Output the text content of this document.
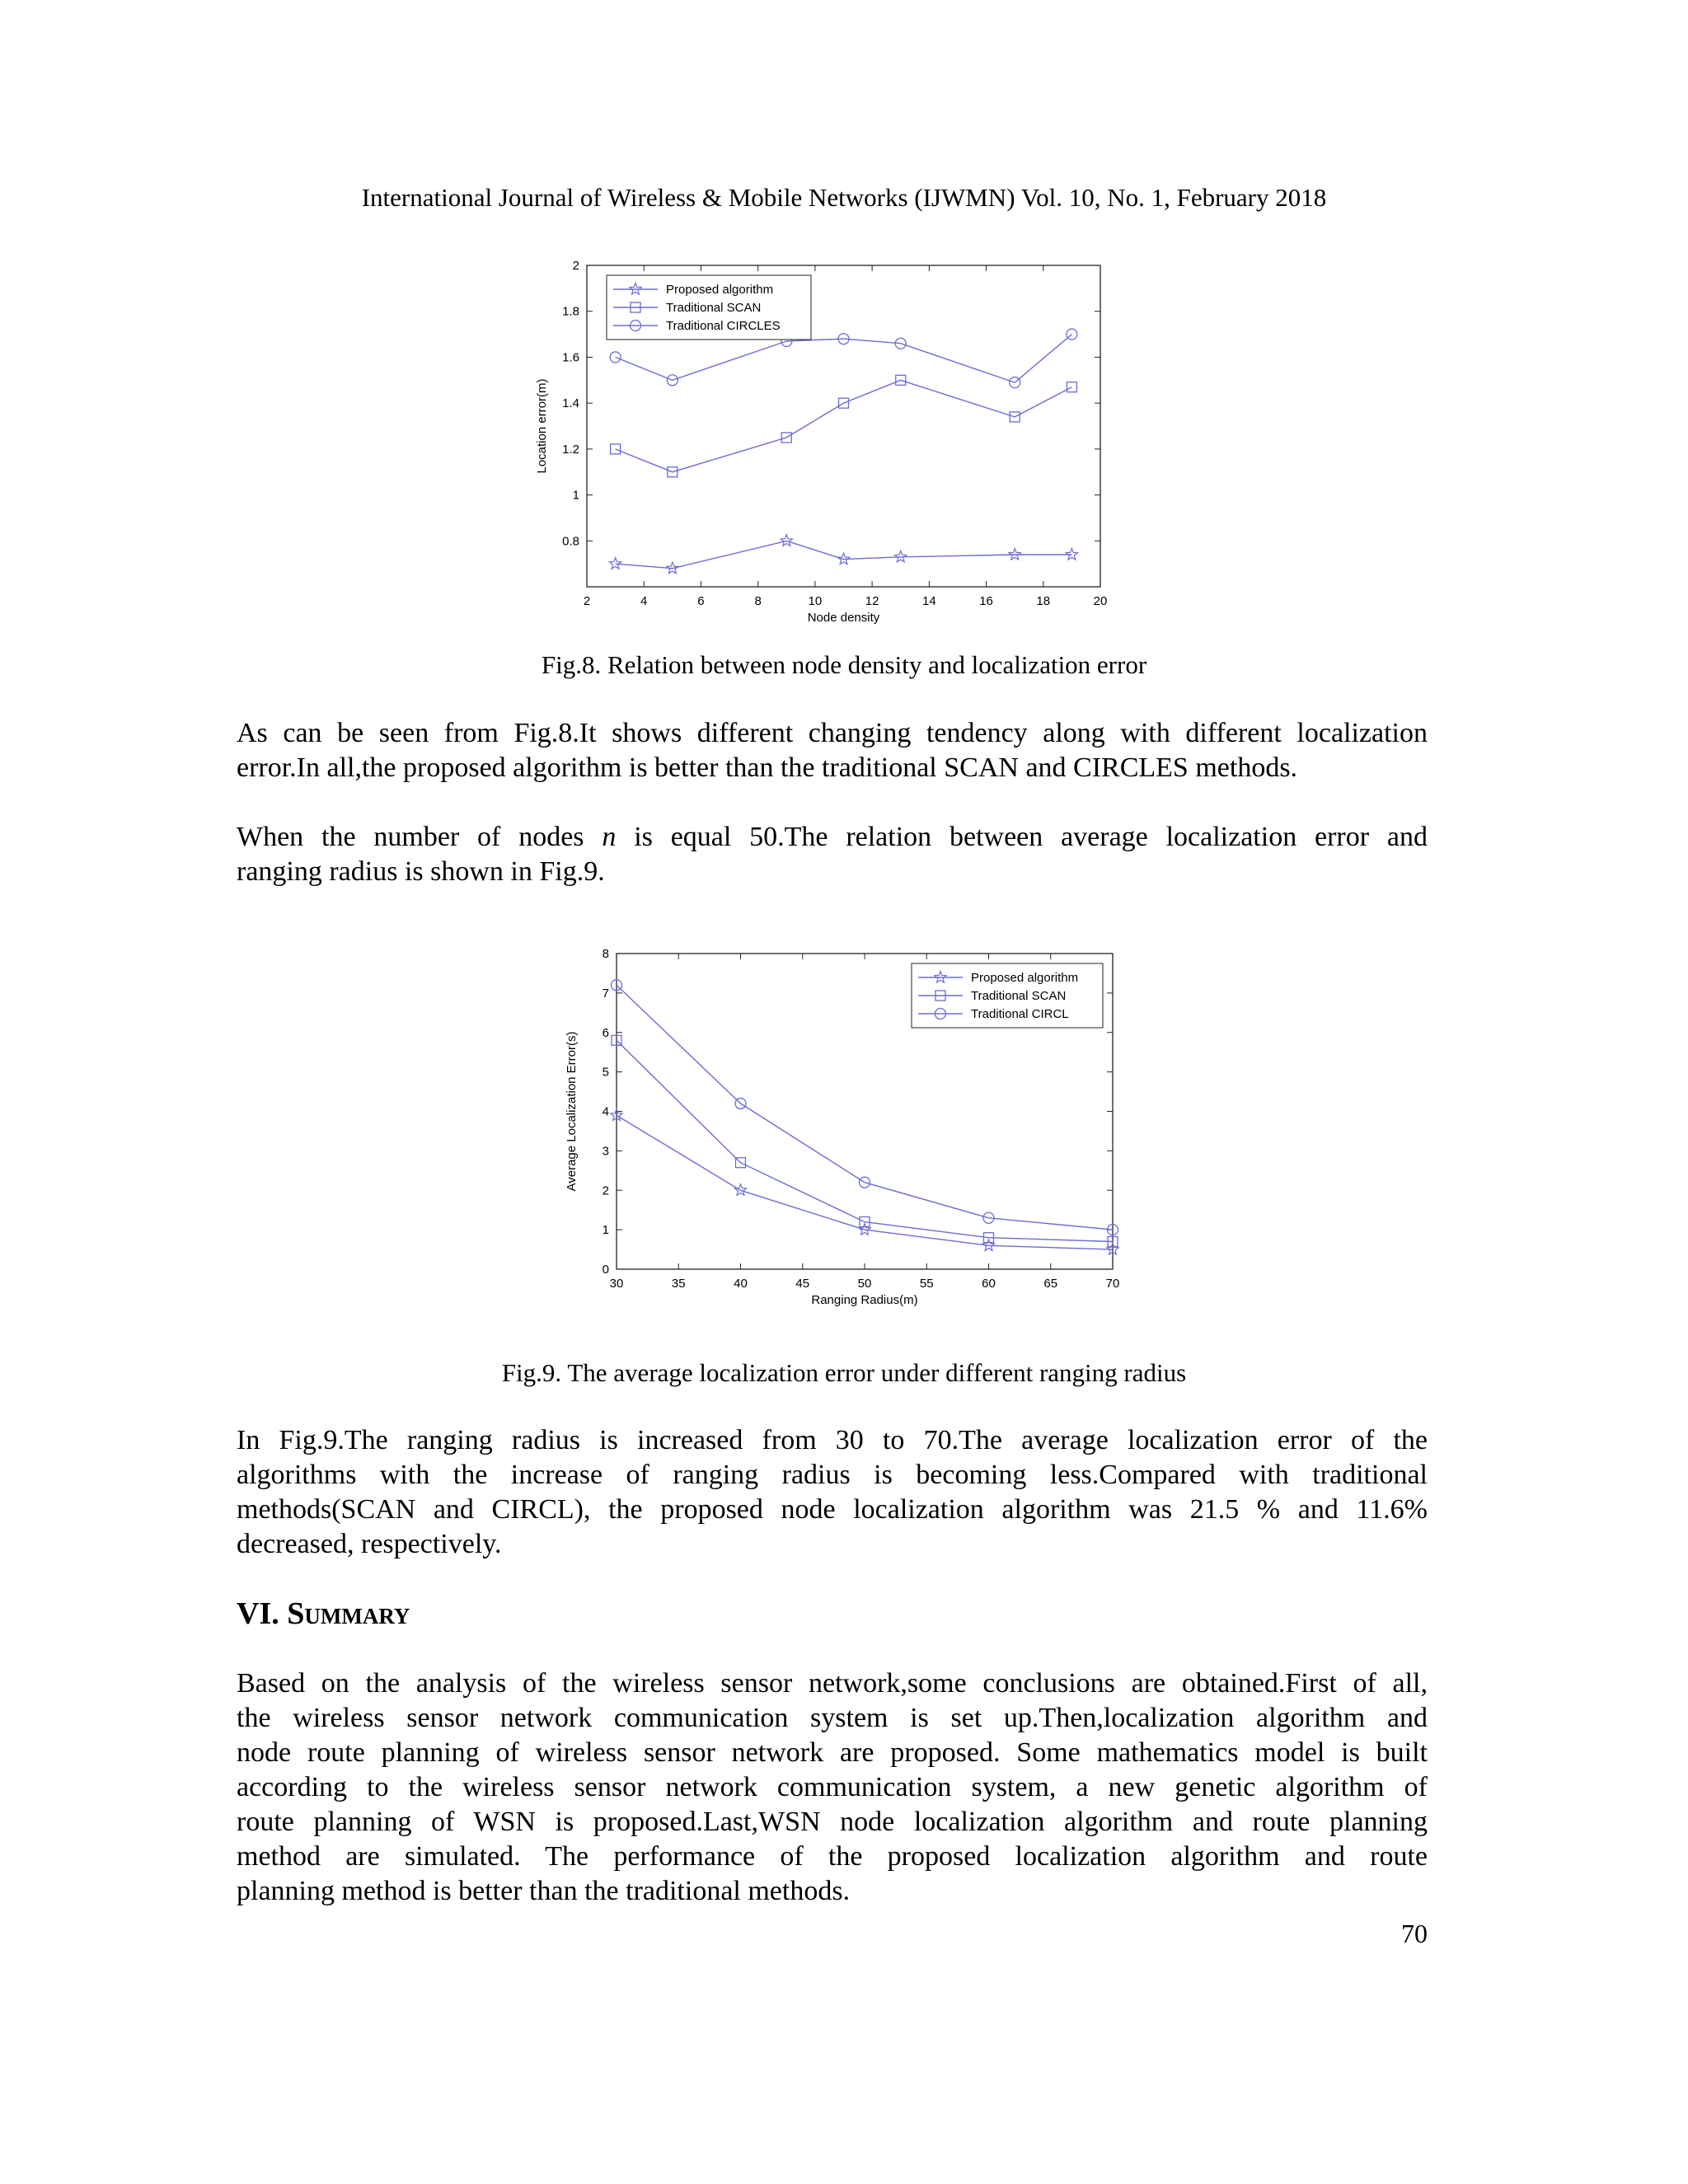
International Journal of Wireless & Mobile Networks (IJWMN) Vol. 10, No. 1, February 2018
2	4	6	8	10	12	14	16	18	20
0.8
1
1.2
1.4
1.6
1.8
2
Node density
Location error(m)
Proposed algorithm
Traditional SCAN
Traditional CIRCLES
Fig.8. Relation between node density and localization error
As can be seen from Fig.8.It shows different changing tendency along with different localization
error.In all,the proposed algorithm is better than the traditional SCAN and CIRCLES methods.
When the number of nodes n is equal 50.The relation between average localization error and
ranging radius is shown in Fig.9.
30	35	40	45	50	55	60	65	70
0
1
2
3
4
5
6
7
8
Ranging Radius(m)
Average Localization Error(s)
Proposed algorithm
Traditional SCAN
Traditional CIRCL
Fig.9. The average localization error under different ranging radius
In Fig.9.The ranging radius is increased from 30 to 70.The average localization error of the
algorithms with the increase of ranging radius is becoming less.Compared with traditional
methods(SCAN and CIRCL), the proposed node localization algorithm was 21.5 % and 11.6%
decreased, respectively.
VI. Summary
Based on the analysis of the wireless sensor network,some conclusions are obtained.First of all,
the wireless sensor network communication system is set up.Then,localization algorithm and
node route planning of wireless sensor network are proposed. Some mathematics model is built
according to the wireless sensor network communication system, a new genetic algorithm of
route planning of WSN is proposed.Last,WSN node localization algorithm and route planning
method are simulated. The performance of the proposed localization algorithm and route
planning method is better than the traditional methods.
70
